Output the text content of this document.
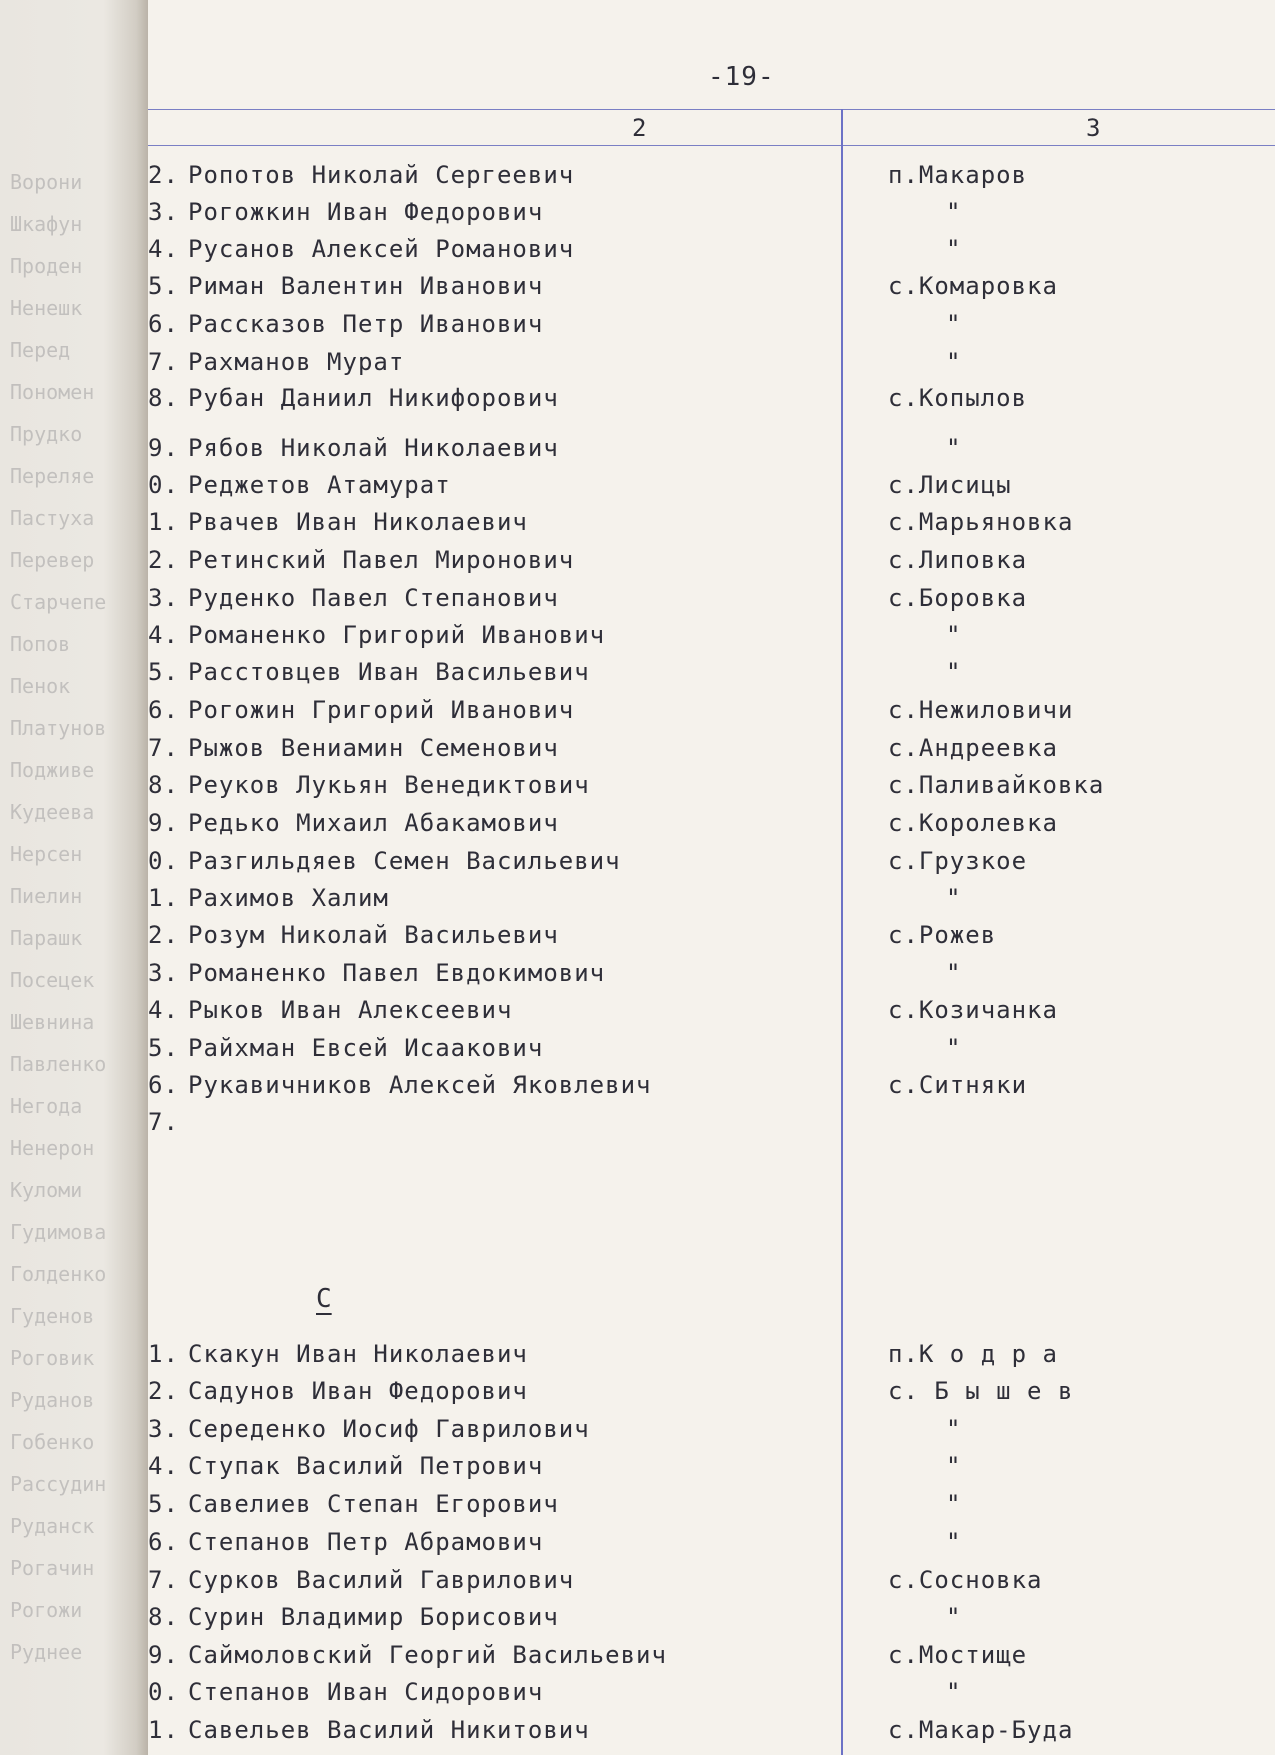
Ворони
Шкафун
Проден
Ненешк
Перед
Пономен
Прудко
Переляе
Пастуха
Перевер
Старчепе
Попов
Пенок
Платунов
Подживе
Кудеева
Нерсен
Пиелин
Парашк
Посецек
Шевнина
Павленко
Негода
Ненерон
Куломи
Гудимова
Голденко
Гуденов
Роговик
Руданов
Гобенко
Рассудин
Руданск
Рогачин
Рогожи
Руднее
-19-
2	3
2. Ропотов Николай Сергеевич	п.Макаров
3. Рогожкин Иван Федорович	"
4. Русанов Алексей Романович	"
5. Риман Валентин Иванович	с.Комаровка
6. Рассказов Петр Иванович	"
7. Рахманов Мурат	"
8. Рубан Даниил Никифорович	с.Копылов
9. Рябов Николай Николаевич	"
0. Реджетов Атамурат	с.Лисицы
1. Рвачев Иван Николаевич	с.Марьяновка
2. Ретинский Павел Миронович	с.Липовка
3. Руденко Павел Степанович	с.Боровка
4. Романенко Григорий Иванович	"
5. Расстовцев Иван Васильевич	"
6. Рогожин Григорий Иванович	с.Нежиловичи
7. Рыжов Вениамин Семенович	с.Андреевка
8. Реуков Лукьян Венедиктович	с.Паливайковка
9. Редько Михаил Абакамович	с.Королевка
0. Разгильдяев Семен Васильевич	с.Грузкое
1. Рахимов Халим	"
2. Розум Николай Васильевич	с.Рожев
3. Романенко Павел Евдокимович	"
4. Рыков Иван Алексеевич	с.Козичанка
5. Райхман Евсей Исаакович	"
6. Рукавичников Алексей Яковлевич	с.Ситняки
7.
С
1. Скакун Иван Николаевич	п.К о д р а
2. Садунов Иван Федорович	с. Б ы ш е в
3. Середенко Иосиф Гаврилович	"
4. Ступак Василий Петрович	"
5. Савелиев Степан Егорович	"
6. Степанов Петр Абрамович	"
7. Сурков Василий Гаврилович	с.Сосновка
8. Сурин Владимир Борисович	"
9. Саймоловский Георгий Васильевич	с.Мостище
0. Степанов Иван Сидорович	"
1. Савельев Василий Никитович	с.Макар-Буда
